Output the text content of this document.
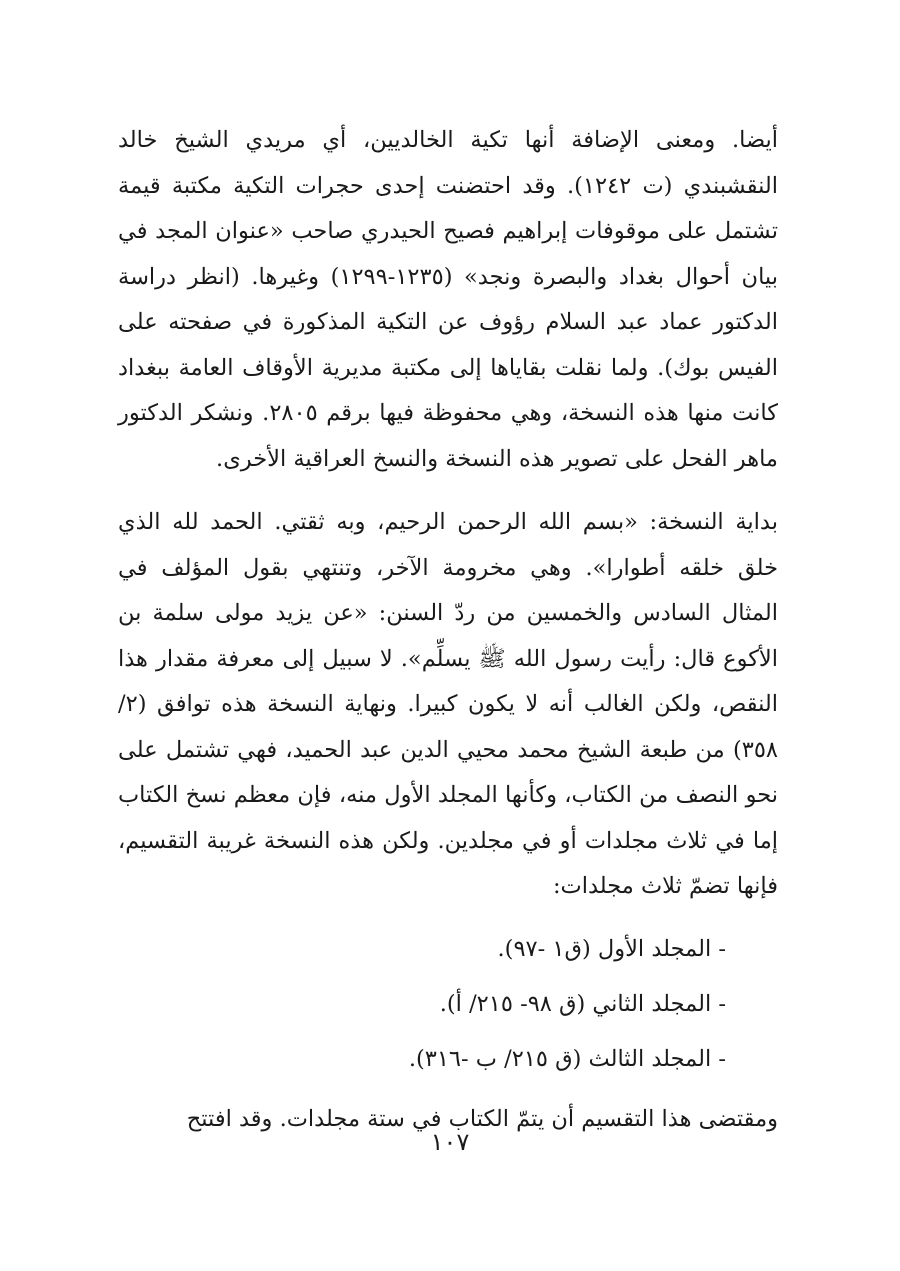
أيضا. ومعنى الإضافة أنها تكية الخالديين، أي مريدي الشيخ خالد النقشبندي (ت ١٢٤٢). وقد احتضنت إحدى حجرات التكية مكتبة قيمة تشتمل على موقوفات إبراهيم فصيح الحيدري صاحب «عنوان المجد في بيان أحوال بغداد والبصرة ونجد» (١٢٣٥-١٢٩٩) وغيرها. (انظر دراسة الدكتور عماد عبد السلام رؤوف عن التكية المذكورة في صفحته على الفيس بوك). ولما نقلت بقاياها إلى مكتبة مديرية الأوقاف العامة ببغداد كانت منها هذه النسخة، وهي محفوظة فيها برقم ٢٨٠٥. ونشكر الدكتور ماهر الفحل على تصوير هذه النسخة والنسخ العراقية الأخرى.

بداية النسخة: «بسم الله الرحمن الرحيم، وبه ثقتي. الحمد لله الذي خلق خلقه أطوارا». وهي مخرومة الآخر، وتنتهي بقول المؤلف في المثال السادس والخمسين من ردّ السنن: «عن يزيد مولى سلمة بن الأكوع قال: رأيت رسول الله ﷺ يسلِّم». لا سبيل إلى معرفة مقدار هذا النقص، ولكن الغالب أنه لا يكون كبيرا. ونهاية النسخة هذه توافق (٢/ ٣٥٨) من طبعة الشيخ محمد محيي الدين عبد الحميد، فهي تشتمل على نحو النصف من الكتاب، وكأنها المجلد الأول منه، فإن معظم نسخ الكتاب إما في ثلاث مجلدات أو في مجلدين. ولكن هذه النسخة غريبة التقسيم، فإنها تضمّ ثلاث مجلدات:

- المجلد الأول (ق١ -٩٧).
- المجلد الثاني (ق ٩٨- ٢١٥/ أ).
- المجلد الثالث (ق ٢١٥/ ب -٣١٦).

ومقتضى هذا التقسيم أن يتمّ الكتاب في ستة مجلدات. وقد افتتح

١٠٧
